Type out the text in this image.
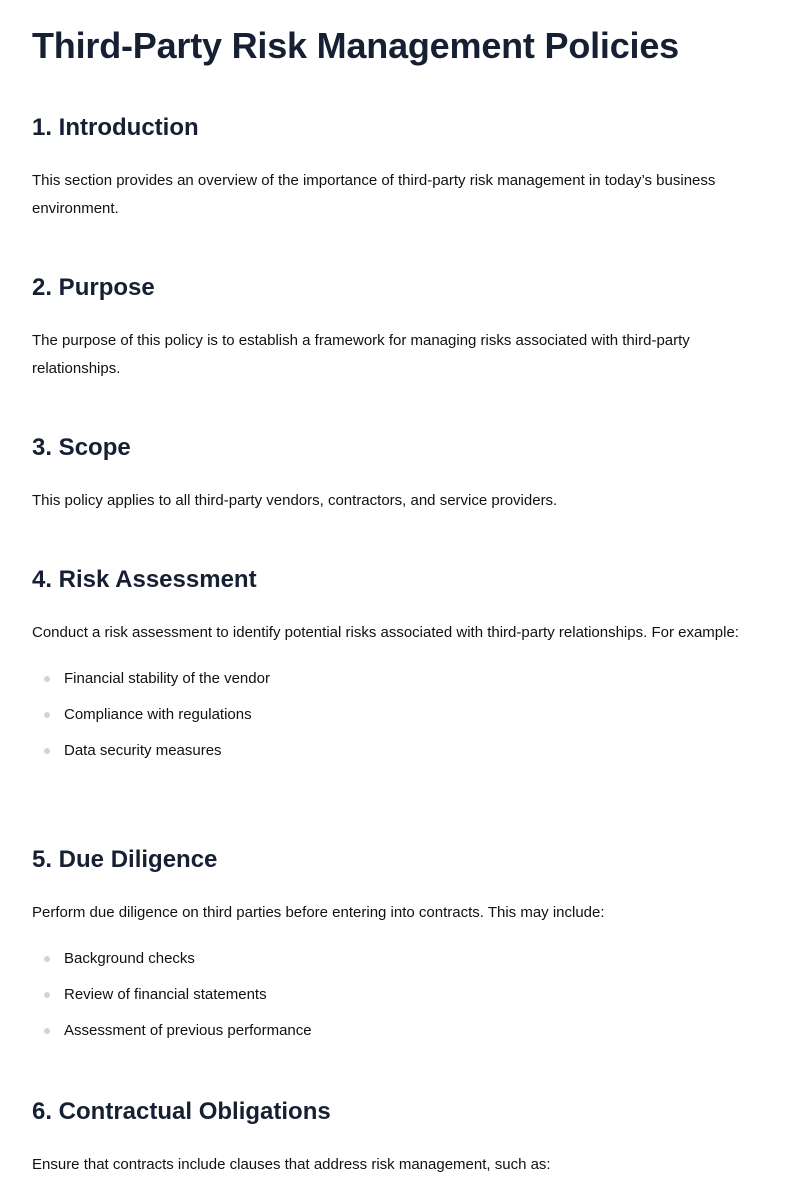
Third-Party Risk Management Policies
1. Introduction

This section provides an overview of the importance of third-party risk management in today’s business environment.

2. Purpose

The purpose of this policy is to establish a framework for managing risks associated with third-party relationships.

3. Scope

This policy applies to all third-party vendors, contractors, and service providers.

4. Risk Assessment

Conduct a risk assessment to identify potential risks associated with third-party relationships. For example:

Financial stability of the vendor
Compliance with regulations
Data security measures
5. Due Diligence

Perform due diligence on third parties before entering into contracts. This may include:

Background checks
Review of financial statements
Assessment of previous performance
6. Contractual Obligations

Ensure that contracts include clauses that address risk management, such as:
